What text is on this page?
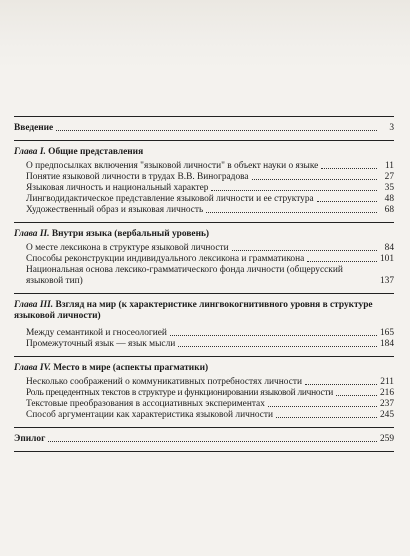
Введение	3
Глава I. Общие представления
О предпосылках включения "языковой личности" в объект науки о языке	11
Понятие языковой личности в трудах В.В. Виноградова	27
Языковая личность и национальный характер	35
Лингводидактическое представление языковой личности и ее структура	48
Художественный образ и языковая личность	68
Глава II. Внутри языка (вербальный уровень)
О месте лексикона в структуре языковой личности	84
Способы реконструкции индивидуального лексикона и грамматикона	101
Национальная основа лексико-грамматического фонда личности (общерусский языковой тип)	137
Глава III. Взгляд на мир (к характеристике лингвокогнитивного уровня в структуре языковой личности)
Между семантикой и гносеологией	165
Промежуточный язык — язык мысли	184
Глава IV. Место в мире (аспекты прагматики)
Несколько соображений о коммуникативных потребностях личности	211
Роль прецедентных текстов в структуре и функционировании языковой личности	216
Текстовые преобразования в ассоциативных экспериментах	237
Способ аргументации как характеристика языковой личности	245
Эпилог	259
